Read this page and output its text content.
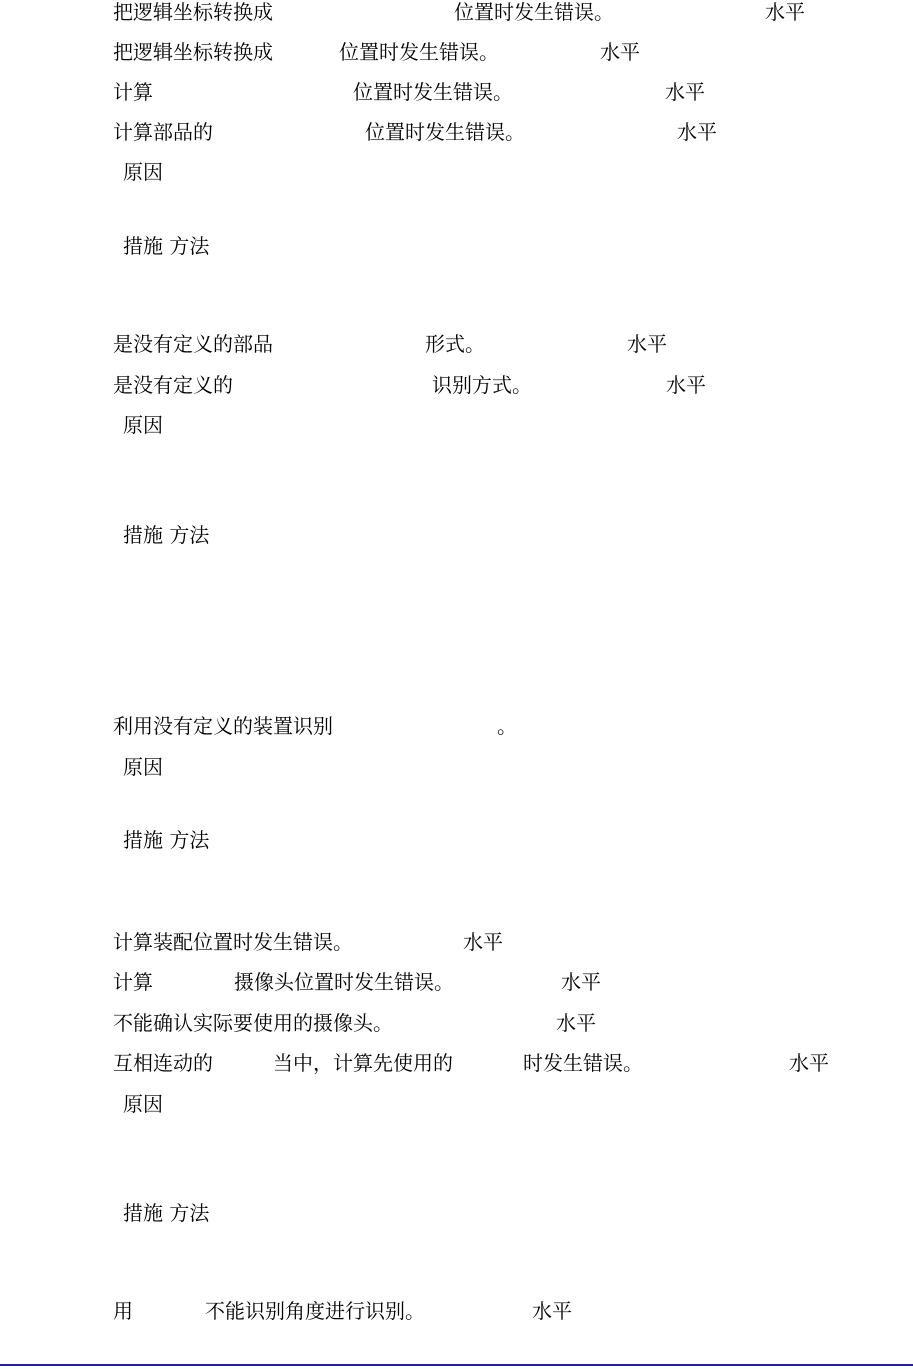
把逻辑坐标转换成	位置时发生错误。	水平
把逻辑坐标转换成	位置时发生错误。	水平
计算	位置时发生错误。	水平
计算部品的	位置时发生错误。	水平
原因
措施 方法
是没有定义的部品	形式。	水平
是没有定义的	识别方式。	水平
原因
措施 方法
利用没有定义的装置识别	。
原因
措施 方法
计算装配位置时发生错误。	水平
计算	摄像头位置时发生错误。	水平
不能确认实际要使用的摄像头。	水平
互相连动的	当中，计算先使用的	时发生错误。	水平
原因
措施 方法
用	不能识别角度进行识别。	水平
